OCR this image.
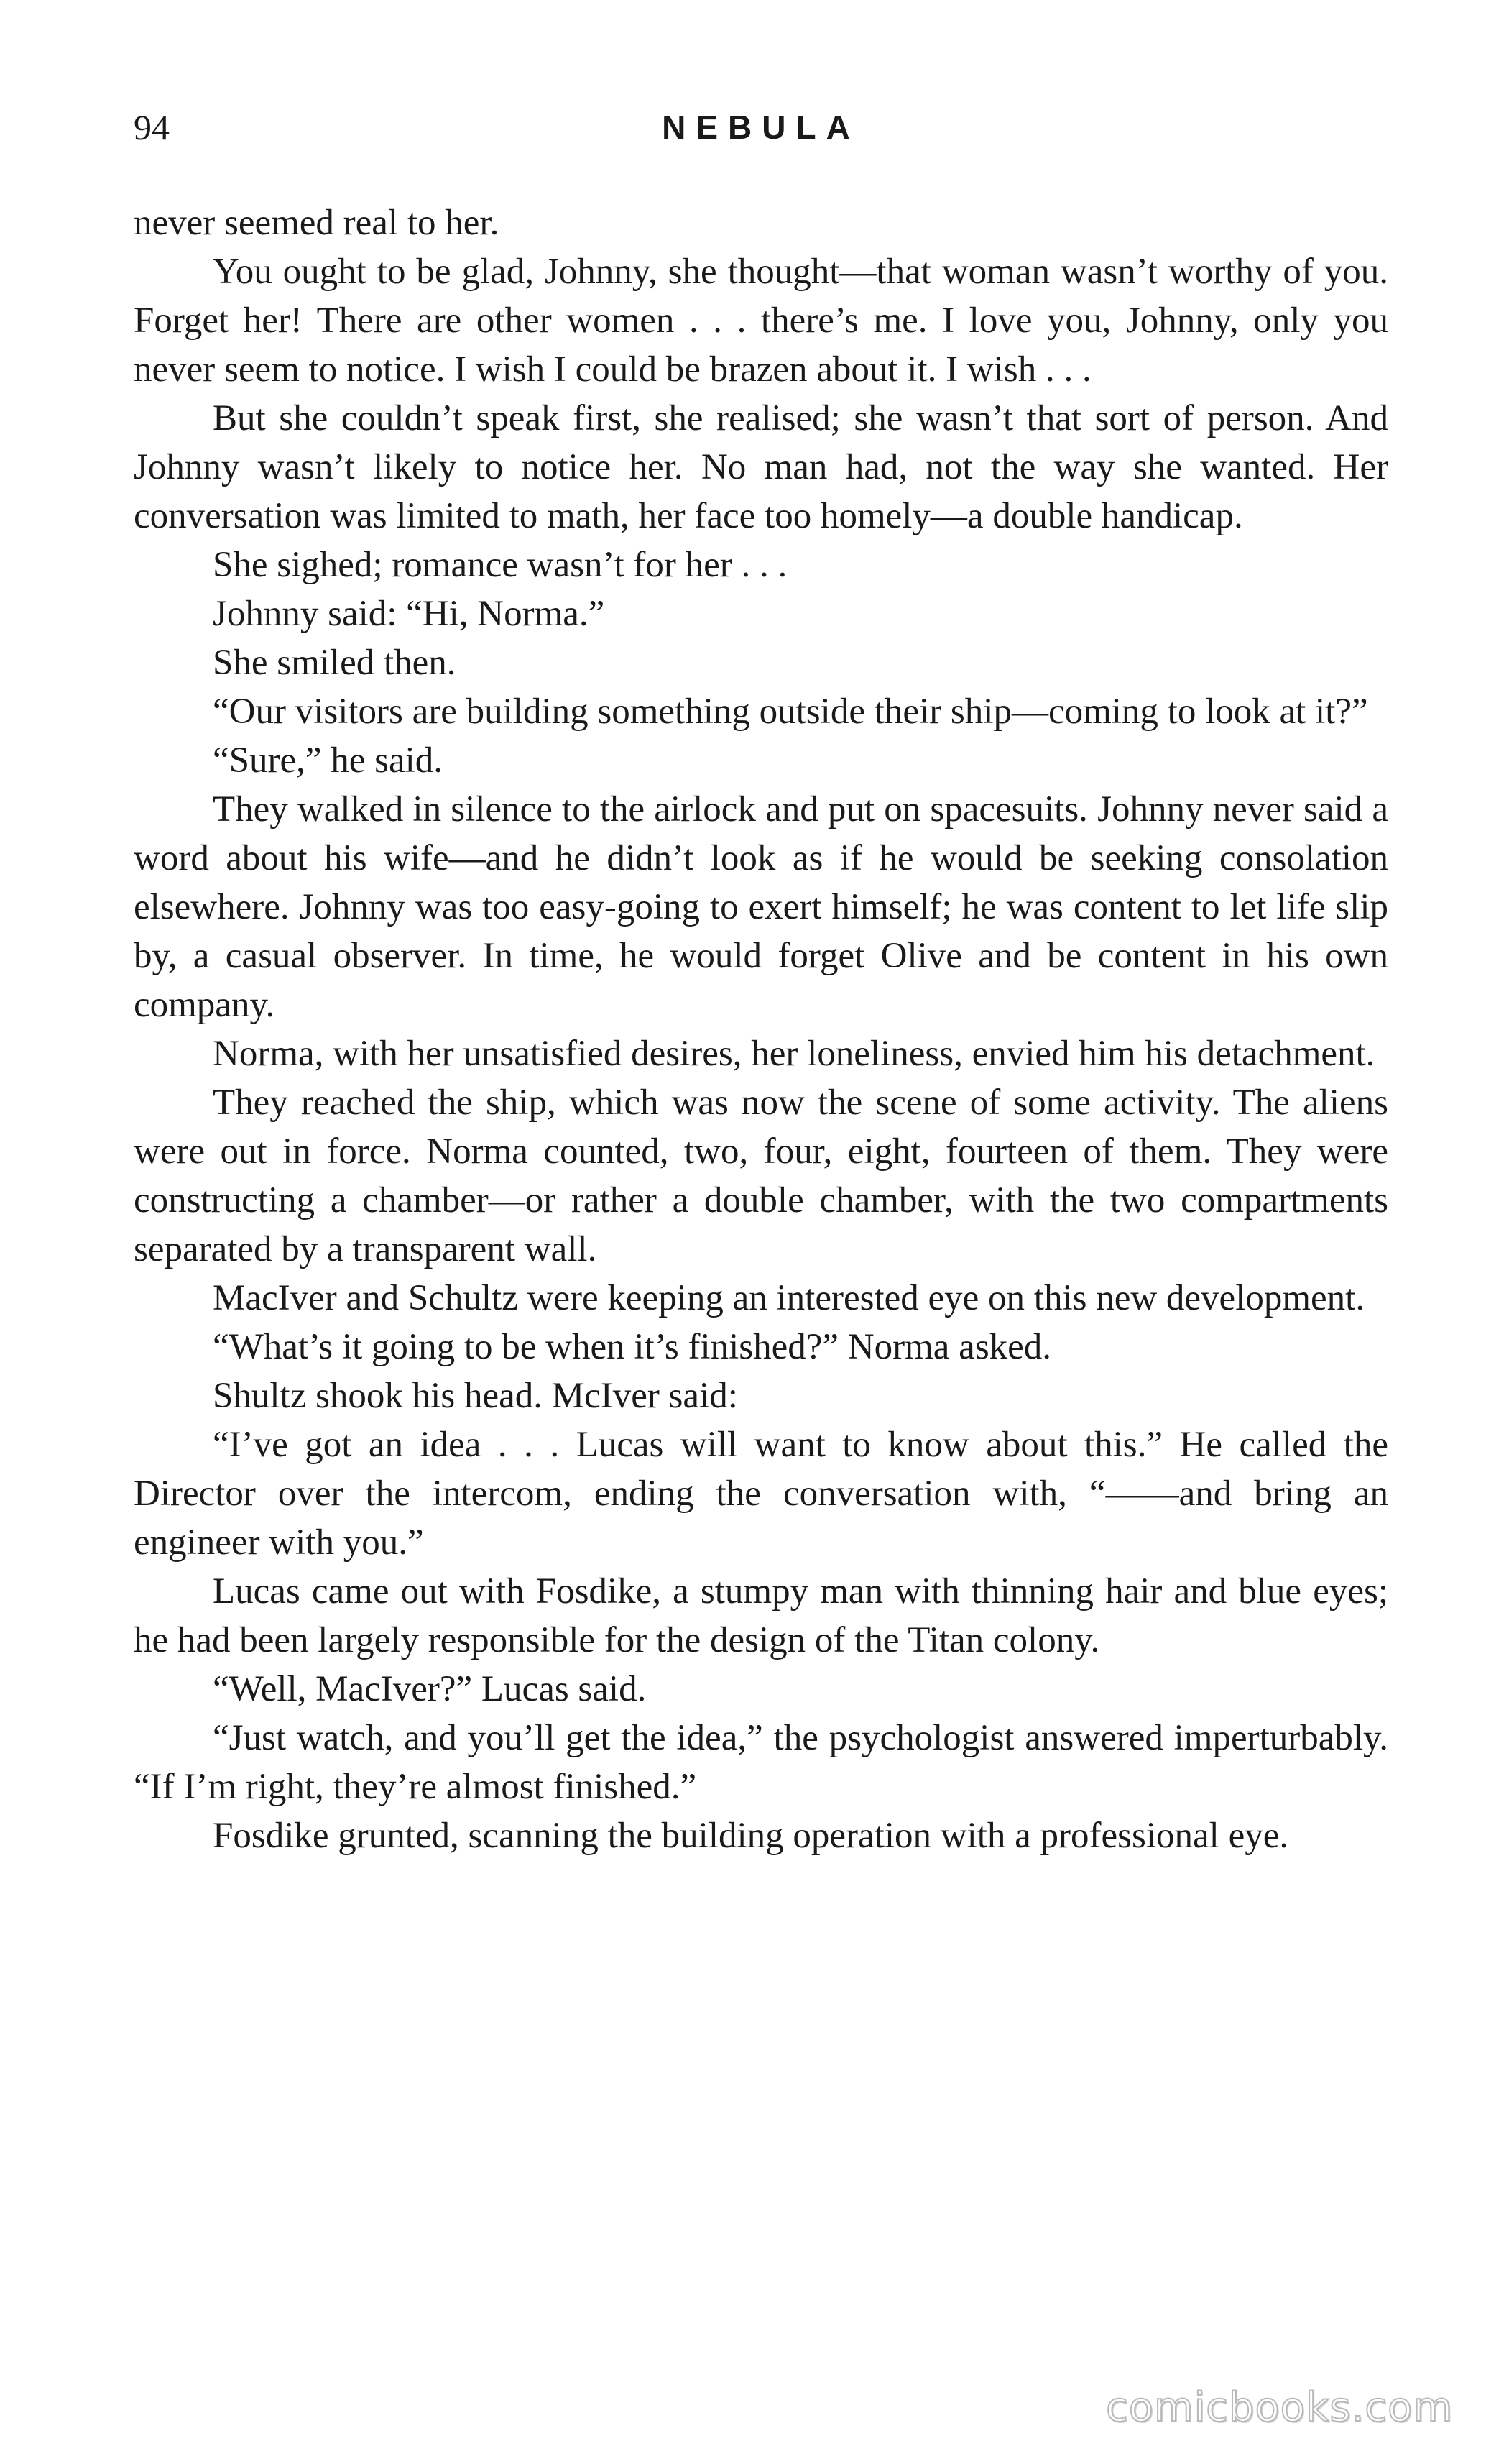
94	NEBULA

never seemed real to her.

You ought to be glad, Johnny, she thought—that woman wasn’t worthy of you. Forget her! There are other women . . . there’s me. I love you, Johnny, only you never seem to notice. I wish I could be brazen about it. I wish . . .

But she couldn’t speak first, she realised; she wasn’t that sort of person. And Johnny wasn’t likely to notice her. No man had, not the way she wanted. Her conversation was limited to math, her face too homely—a double handicap.

She sighed; romance wasn’t for her . . .

Johnny said: “Hi, Norma.”

She smiled then.

“Our visitors are building something outside their ship—coming to look at it?”

“Sure,” he said.

They walked in silence to the airlock and put on spacesuits. Johnny never said a word about his wife—and he didn’t look as if he would be seeking consolation elsewhere. Johnny was too easy-going to exert himself; he was content to let life slip by, a casual observer. In time, he would forget Olive and be content in his own company.

Norma, with her unsatisfied desires, her loneliness, envied him his detachment.

They reached the ship, which was now the scene of some activity. The aliens were out in force. Norma counted, two, four, eight, fourteen of them. They were constructing a chamber—or rather a double chamber, with the two compartments separated by a transparent wall.

MacIver and Schultz were keeping an interested eye on this new development.

“What’s it going to be when it’s finished?” Norma asked.

Shultz shook his head. McIver said:

“I’ve got an idea . . . Lucas will want to know about this.” He called the Director over the intercom, ending the conversation with, “——and bring an engineer with you.”

Lucas came out with Fosdike, a stumpy man with thinning hair and blue eyes; he had been largely responsible for the design of the Titan colony.

“Well, MacIver?” Lucas said.

“Just watch, and you’ll get the idea,” the psychologist answered imperturbably. “If I’m right, they’re almost finished.”

Fosdike grunted, scanning the building operation with a professional eye.

comicbooks.com
